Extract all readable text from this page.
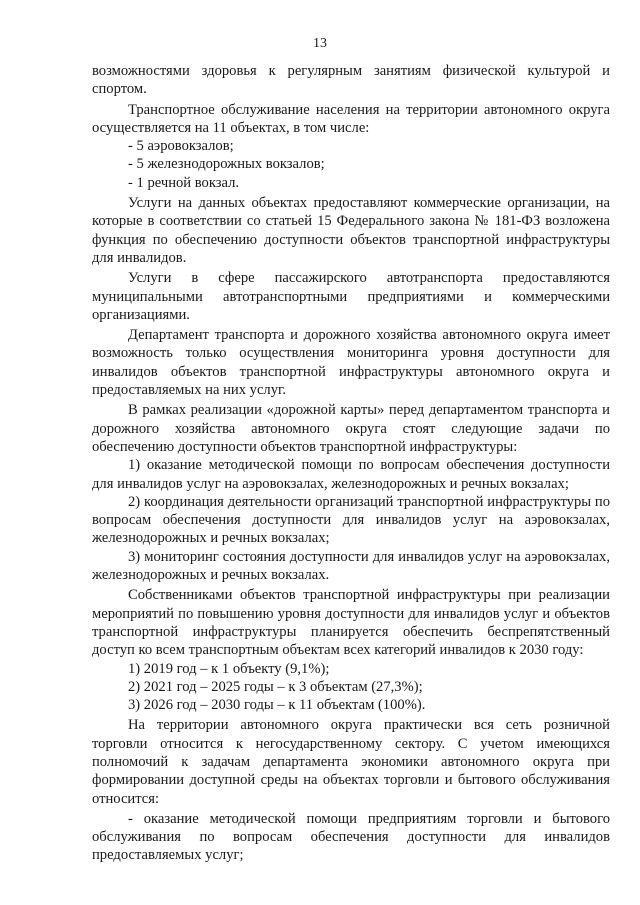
13

возможностями здоровья к регулярным занятиям физической культурой и спортом.

Транспортное обслуживание населения на территории автономного округа осуществляется на 11 объектах, в том числе:

- 5 аэровокзалов;

- 5 железнодорожных вокзалов;

- 1 речной вокзал.

Услуги на данных объектах предоставляют коммерческие организации, на которые в соответствии со статьей 15 Федерального закона № 181-ФЗ возложена функция по обеспечению доступности объектов транспортной инфраструктуры для инвалидов.

Услуги в сфере пассажирского автотранспорта предоставляются муниципальными автотранспортными предприятиями и коммерческими организациями.

Департамент транспорта и дорожного хозяйства автономного округа имеет возможность только осуществления мониторинга уровня доступности для инвалидов объектов транспортной инфраструктуры автономного округа и предоставляемых на них услуг.

В рамках реализации «дорожной карты» перед департаментом транспорта и дорожного хозяйства автономного округа стоят следующие задачи по обеспечению доступности объектов транспортной инфраструктуры:

1) оказание методической помощи по вопросам обеспечения доступности для инвалидов услуг на аэровокзалах, железнодорожных и речных вокзалах;

2) координация деятельности организаций транспортной инфраструктуры по вопросам обеспечения доступности для инвалидов услуг на аэровокзалах, железнодорожных и речных вокзалах;

3) мониторинг состояния доступности для инвалидов услуг на аэровокзалах, железнодорожных и речных вокзалах.

Собственниками объектов транспортной инфраструктуры при реализации мероприятий по повышению уровня доступности для инвалидов услуг и объектов транспортной инфраструктуры планируется обеспечить беспрепятственный доступ ко всем транспортным объектам всех категорий инвалидов к 2030 году:

1) 2019 год – к 1 объекту (9,1%);

2) 2021 год – 2025 годы – к 3 объектам (27,3%);

3) 2026 год – 2030 годы – к 11 объектам (100%).

На территории автономного округа практически вся сеть розничной торговли относится к негосударственному сектору. С учетом имеющихся полномочий к задачам департамента экономики автономного округа при формировании доступной среды на объектах торговли и бытового обслуживания относится:

- оказание методической помощи предприятиям торговли и бытового обслуживания по вопросам обеспечения доступности для инвалидов предоставляемых услуг;
